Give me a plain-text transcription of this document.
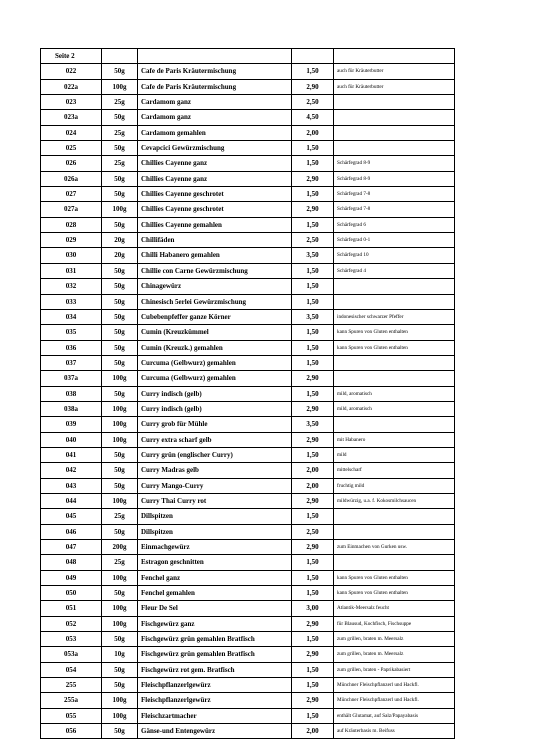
Seite 2				
022	50g	Cafe de Paris Kräutermischung	1,50	auch für Kräuterbutter
022a	100g	Cafe de Paris Kräutermischung	2,90	auch für Kräuterbutter
023	25g	Cardamom ganz	2,50	
023a	50g	Cardamom ganz	4,50	
024	25g	Cardamom gemahlen	2,00	
025	50g	Cevapcici Gewürzmischung	1,50	
026	25g	Chillies Cayenne ganz	1,50	Schärfegrad 8-9
026a	50g	Chillies Cayenne ganz	2,90	Schärfegrad 8-9
027	50g	Chillies Cayenne geschrotet	1,50	Schärfegrad 7-8
027a	100g	Chillies Cayenne geschrotet	2,90	Schärfegrad 7-8
028	50g	Chillies Cayenne gemahlen	1,50	Schärfegrad 6
029	20g	Chillifäden	2,50	Schärfegrad 0-1
030	20g	Chilli Habanero gemahlen	3,50	Schärfegrad 10
031	50g	Chillie con Carne Gewürzmischung	1,50	Schärfegrad 4
032	50g	Chinagewürz	1,50	
033	50g	Chinesisch 5erlei Gewürzmischung	1,50	
034	50g	Cubebenpfeffer ganze Körner	3,50	indonesischer schwarzer Pfeffer
035	50g	Cumin (Kreuzkümmel	1,50	kann Spuren von Gluten enthalten
036	50g	Cumin (Kreuzk.) gemahlen	1,50	kann Spuren von Gluten enthalten
037	50g	Curcuma (Gelbwurz) gemahlen	1,50	
037a	100g	Curcuma (Gelbwurz) gemahlen	2,90	
038	50g	Curry indisch (gelb)	1,50	mild, aromatisch
038a	100g	Curry indisch (gelb)	2,90	mild, aromatisch
039	100g	Curry grob für Mühle	3,50	
040	100g	Curry extra scharf gelb	2,90	mit Habanero
041	50g	Curry grün (englischer Curry)	1,50	mild
042	50g	Curry Madras gelb	2,00	mittelscharf
043	50g	Curry Mango-Curry	2,00	fruchtig mild
044	100g	Curry Thai Curry rot	2,90	mildwürzig, u.a. f. Kokosmilchsaucen
045	25g	Dillspitzen	1,50	
046	50g	Dillspitzen	2,50	
047	200g	Einmachgewürz	2,90	zum Einmachen von Gurken usw.
048	25g	Estragon geschnitten	1,50	
049	100g	Fenchel ganz	1,50	kann Spuren von Gluten enthalten
050	50g	Fenchel gemahlen	1,50	kann Spuren von Gluten enthalten
051	100g	Fleur De Sel	3,00	Atlantik-Meersalz feucht
052	100g	Fischgewürz ganz	2,90	für Blausud, Kochfisch, Fischsuppe
053	50g	Fischgewürz grün gemahlen Bratfisch	1,50	zum grillen, braten m. Meersalz
053a	10g	Fischgewürz grün gemahlen Bratfisch	2,90	zum grillen, braten m. Meersalz
054	50g	Fischgewürz rot gem. Bratfisch	1,50	zum grillen, braten - Paprikabasiert
255	50g	Fleischpflanzerlgewürz	1,50	Münchner Fleischpflanzerl und Hackfl.
255a	100g	Fleischpflanzerlgewürz	2,90	Münchner Fleischpflanzerl und Hackfl.
055	100g	Fleischzartmacher	1,50	enthält Glutamat, auf Salz/Papayabasis
056	50g	Gänse-und Entengewürz	2,00	auf Kräuterbasis m. Beifuss
